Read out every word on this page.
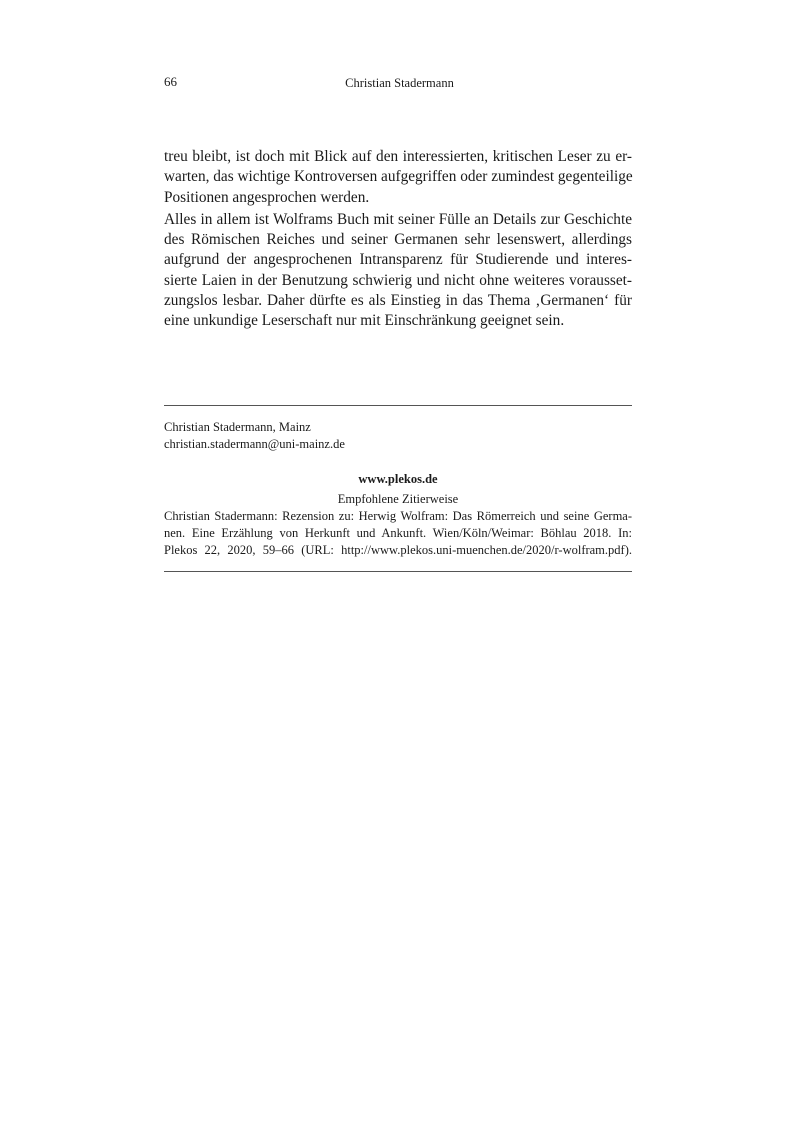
66	Christian Stadermann

treu bleibt, ist doch mit Blick auf den interessierten, kritischen Leser zu er-
warten, das wichtige Kontroversen aufgegriffen oder zumindest gegenteilige
Positionen angesprochen werden.

Alles in allem ist Wolframs Buch mit seiner Fülle an Details zur Geschichte
des Römischen Reiches und seiner Germanen sehr lesenswert, allerdings
aufgrund der angesprochenen Intransparenz für Studierende und interes-
sierte Laien in der Benutzung schwierig und nicht ohne weiteres vorausset-
zungslos lesbar. Daher dürfte es als Einstieg in das Thema ‚Germanen‘ für
eine unkundige Leserschaft nur mit Einschränkung geeignet sein.

Christian Stadermann, Mainz
christian.stadermann@uni-mainz.de
www.plekos.de
Empfohlene Zitierweise
Christian Stadermann: Rezension zu: Herwig Wolfram: Das Römerreich und seine Germa-
nen. Eine Erzählung von Herkunft und Ankunft. Wien/Köln/Weimar: Böhlau 2018. In:
Plekos 22, 2020, 59–66 (URL: http://www.plekos.uni-muenchen.de/2020/r-wolfram.pdf).
